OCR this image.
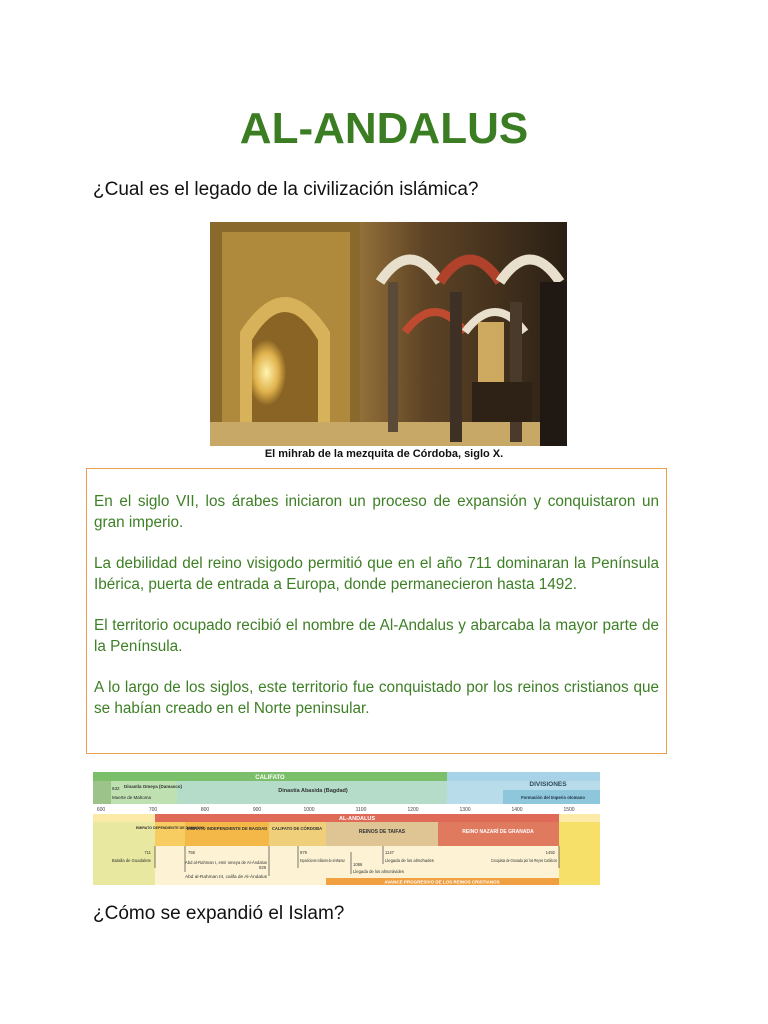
AL-ANDALUS

¿Cual es el legado de la civilización islámica?

El mihrab de la mezquita de Córdoba, siglo X.

En el siglo VII, los árabes iniciaron un proceso de expansión y conquistaron un gran imperio.

La debilidad del reino visigodo permitió que en el año 711 dominaran la Península Ibérica, puerta de entrada a Europa, donde permanecieron hasta 1492.

El territorio ocupado recibió el nombre de Al-Andalus y abarcaba la mayor parte de la Península.

A lo largo de los siglos, este territorio fue conquistado por los reinos cristianos que se habían creado en el Norte peninsular.

CALIFATO
Dinastía Omeya (Damasco)
Dinastía Abasida (Bagdad)
DIVISIONES
Formación del Imperio otomano
632
Muerte de Mahoma
600	700	800	900	1000	1100	1200	1300	1400	1500
AL-ANDALUS
EMIRATO DEPENDIENTE DE DAMASCO
EMIRATO INDEPENDIENTE DE BAGDAD CALIFATO DE CÓRDOBA
REINOS DE TAIFAS	REINO NAZARÍ DE GRANADA
711
Batalla de Guadalete
756
Abd al-Rahman I, emir omeya de Al-Ándalus
929
Abd al-Rahman III, califa de Al-Ándalus
979
Expediciones militares de al-Mansur
1086
Llegada de los almorávides
1147
Llegada de los almohades
1492
Conquista de Granada por los Reyes Católicos
AVANCE PROGRESIVO DE LOS REINOS CRISTIANOS

¿Cómo se expandió el Islam?
